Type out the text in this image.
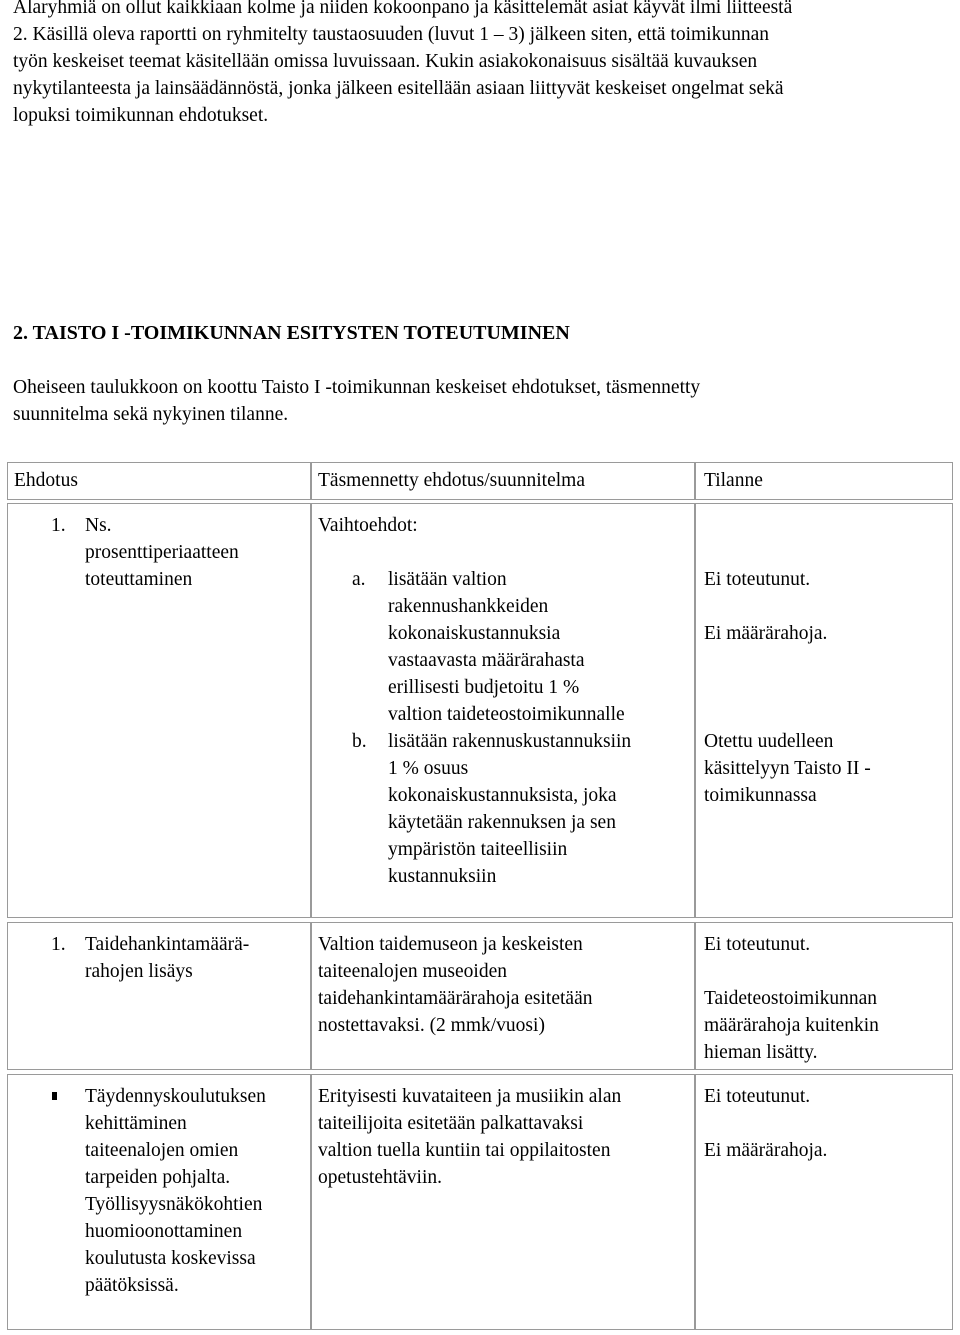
Alaryhmiä on ollut kaikkiaan kolme ja niiden kokoonpano ja käsittelemät asiat käyvät ilmi liitteestä
2. Käsillä oleva raportti on ryhmitelty taustaosuuden (luvut 1 – 3) jälkeen siten, että toimikunnan
työn keskeiset teemat käsitellään omissa luvuissaan. Kukin asiakokonaisuus sisältää kuvauksen
nykytilanteesta ja lainsäädännöstä, jonka jälkeen esitellään asiaan liittyvät keskeiset ongelmat sekä
lopuksi toimikunnan ehdotukset.
2. TAISTO I -TOIMIKUNNAN ESITYSTEN TOTEUTUMINEN
Oheiseen taulukkoon on koottu Taisto I -toimikunnan keskeiset ehdotukset, täsmennetty
suunnitelma sekä nykyinen tilanne.
Ehdotus	Täsmennetty ehdotus/suunnitelma	Tilanne
1. Ns.
prosenttiperiaatteen
toteuttaminen
Vaihtoehdot:
a. lisätään valtion
rakennushankkeiden
kokonaiskustannuksia
vastaavasta määrärahasta
erillisesti budjetoitu 1 %
valtion taideteostoimikunnalle
b. lisätään rakennuskustannuksiin
1 % osuus
kokonaiskustannuksista, joka
käytetään rakennuksen ja sen
ympäristön taiteellisiin
kustannuksiin
Ei toteutunut.
Ei määrärahoja.
Otettu uudelleen
käsittelyyn Taisto II -
toimikunnassa
1. Taidehankintamäärä-
rahojen lisäys
Valtion taidemuseon ja keskeisten
taiteenalojen museoiden
taidehankintamäärärahoja esitetään
nostettavaksi. (2 mmk/vuosi)
Ei toteutunut.
Taideteostoimikunnan
määrärahoja kuitenkin
hieman lisätty.
Täydennyskoulutuksen
kehittäminen
taiteenalojen omien
tarpeiden pohjalta.
Työllisyysnäkökohtien
huomioonottaminen
koulutusta koskevissa
päätöksissä.
Erityisesti kuvataiteen ja musiikin alan
taiteilijoita esitetään palkattavaksi
valtion tuella kuntiin tai oppilaitosten
opetustehtäviin.
Ei toteutunut.
Ei määrärahoja.
